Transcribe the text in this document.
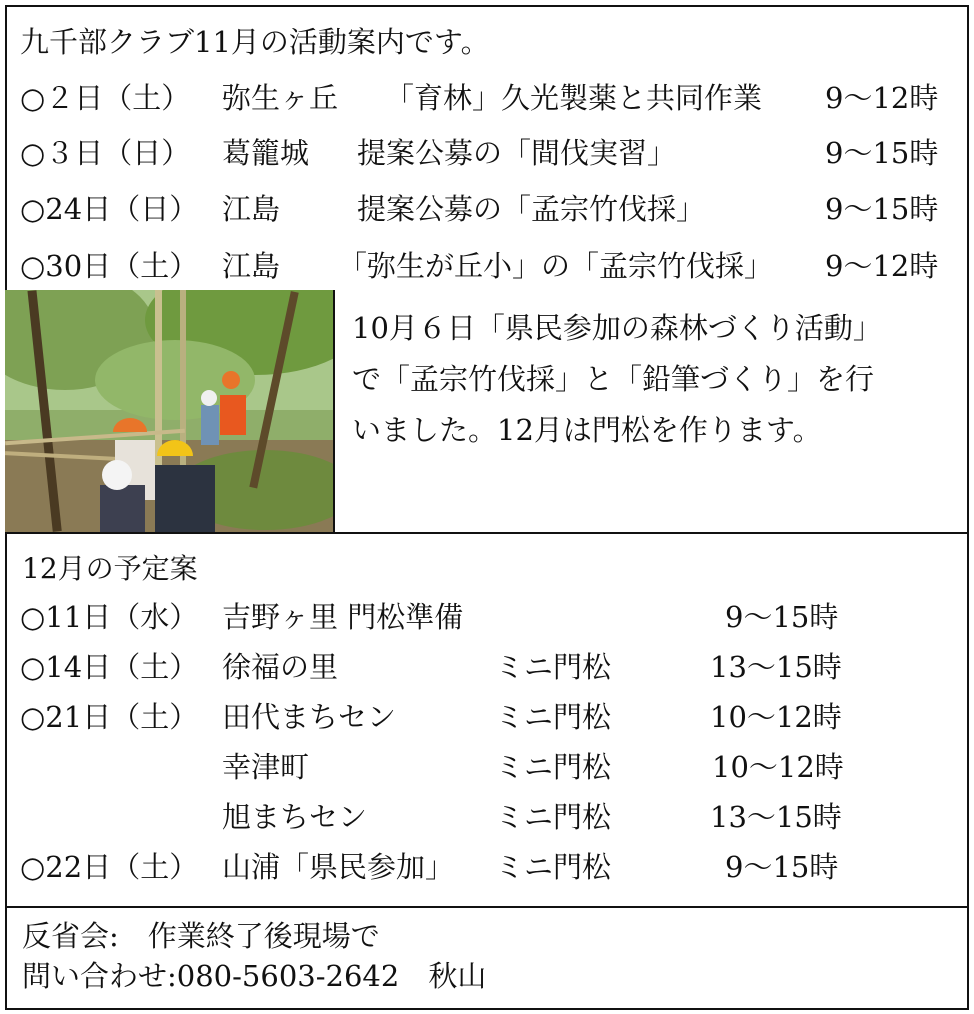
九千部クラブ11月の活動案内です。
○２日（土） 弥生ヶ丘 「育林」久光製薬と共同作業 9～12時
○３日（日） 葛籠城 提案公募の「間伐実習」	9～15時
○24日（日） 江島	提案公募の「孟宗竹伐採」	9～15時
○30日（土） 江島 「弥生が丘小」の「孟宗竹伐採」 9～12時
10月６日「県民参加の森林づくり活動」
で「孟宗竹伐採」と「鉛筆づくり」を行
いました。12月は門松を作ります。
12月の予定案
○11日（水） 吉野ヶ里 門松準備	9～15時
○14日（土） 徐福の里	ミニ門松	13～15時
○21日（土） 田代まちセン	ミニ門松	10～12時
幸津町	ミニ門松	10～12時
旭まちセン	ミニ門松	13～15時
○22日（土） 山浦「県民参加」 ミニ門松	9～15時
反省会:　作業終了後現場で
問い合わせ:080-5603-2642　秋山
